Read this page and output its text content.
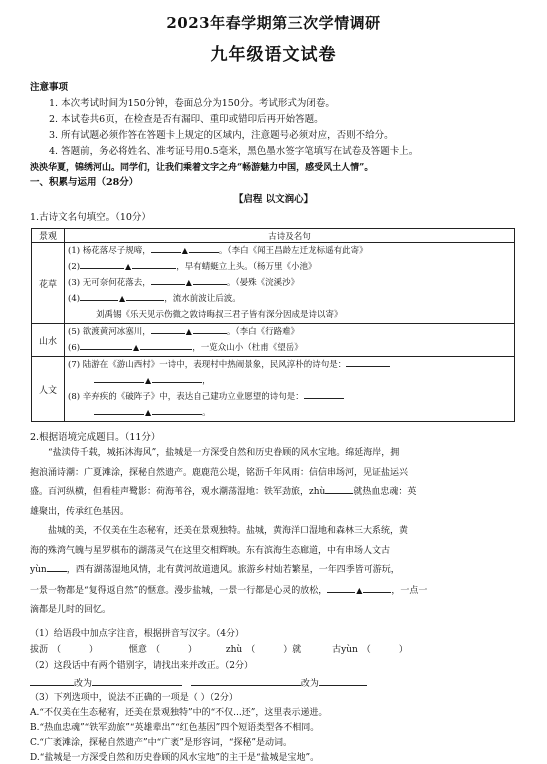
2023年春学期第三次学情调研
九年级语文试卷
注意事项
1. 本次考试时间为150分钟，卷面总分为150分。考试形式为闭卷。
2. 本试卷共6页，在检查是否有漏印、重印或错印后再开始答题。
3. 所有试题必须作答在答题卡上规定的区域内，注意题号必须对应，否则不给分。
4. 答题前，务必将姓名、准考证号用0.5毫米，黑色墨水签字笔填写在试卷及答题卡上。
泱泱华夏，锦绣河山。同学们，让我们乘着文字之舟“畅游魅力中国，感受风土人情”。
一、积累与运用（28分）
【启程 以文润心】
1.古诗文名句填空。（10分）
景观	古诗及名句
花草	(1) 杨花落尽子规啼， ▲ 。（李白《闻王昌龄左迁龙标遥有此寄》
(2) ▲ ，早有蜻蜓立上头。（杨万里《小池》
(3) 无可奈何花落去， ▲ 。（晏殊《浣溪沙》
(4) ▲ ，流水前波让后波。
刘禹锡《乐天见示伤微之敦诗晦叔三君子皆有深分因成是诗以寄》

山水	(5) 欲渡黄河冰塞川， ▲ 。（李白《行路难》
(6) ▲ ，一览众山小（杜甫《望岳》

人文	(7) 陆游在《游山西村》一诗中，表现村中热闹景象，民风淳朴的诗句是：
▲ ，
(8) 辛弃疾的《破阵子》中，表达自己建功立业愿望的诗句是：
▲ 。
2.根据语境完成题目。（11分）
“盐渎侍千载，城拓沐海风”，盐城是一方深受自然和历史眷顾的风水宝地。绵延海岸，拥
抱浪涌诗潮：广夏滩涂，探秘自然遗产。鹿鹿范公堤，铭沥千年风雨：信信串场河，见证盐运兴
盛。百河纵横，但看桂声鹭影：荷海苇谷，观水潮荡湿地：铁军劲旅，zhù	就热血忠魂：英
雄聚出，传承红色基因。
盐城的美，不仅美在生态秘宥，还美在景观独特。盐城，黄海洋口湿地和森林三大系统，黄
海的殊湾气魄与星罗棋布的湖荡灵气在这里交相辉映。东有滨海生态廊道，中有串场人文古
yùn ，西有湖荡湿地风情，北有黄河故道遗风。旅游乡村灿若繁星，一年四季皆可游玩，
一景一物都是“复得返自然”的惬意。漫步盐城，一景一行都是心灵的放松，	▲	，一点一
滴都是儿时的回忆。
（1）给语段中加点字注音，根据拼音写汉字。（4分）
拔沥 （	）	惬意 （	）	zhù （	）就	古yùn （	）
（2）这段话中有两个错别字，请找出来并改正。（2分）
改为	改为
（3）下列选项中，说法不正确的一项是（ ）（2分）
A.“不仅美在生态秘宥，还美在景观独特”中的“不仅...还”，这里表示递进。
B.“热血忠魂”“铁军劲旅”“英雄辈出”“红色基因”四个短语类型各不相同。
C.“广袤滩涂，探秘自然遗产”中“广袤”是形容词，“探秘”是动词。
D.“盐城是一方深受自然和历史眷顾的风水宝地”的主干是“盐城是宝地”。
